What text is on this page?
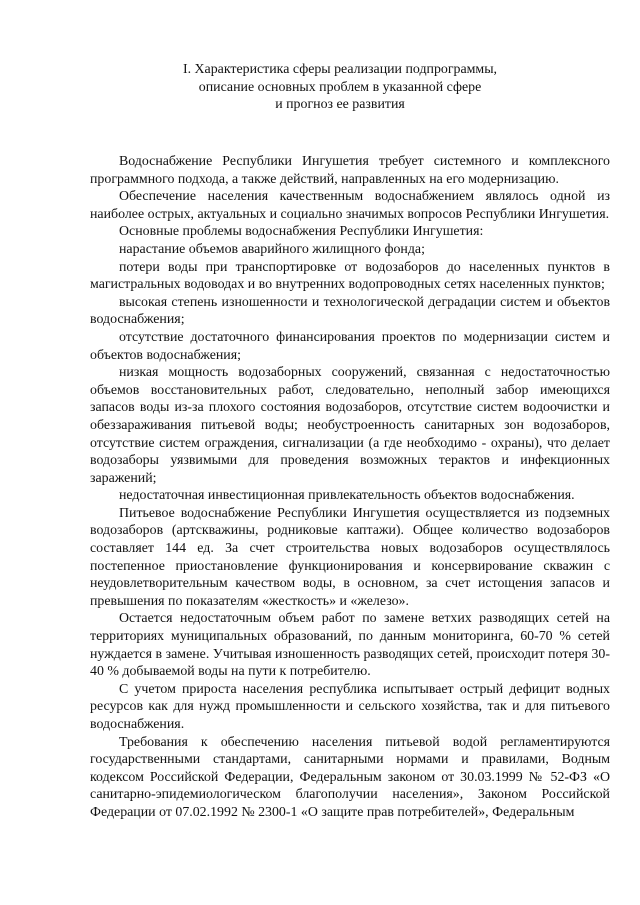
I. Характеристика сферы реализации подпрограммы,
описание основных проблем в указанной сфере
и прогноз ее развития

Водоснабжение Республики Ингушетия требует системного и комплексного программного подхода, а также действий, направленных на его модернизацию.

Обеспечение населения качественным водоснабжением являлось одной из наиболее острых, актуальных и социально значимых вопросов Республики Ингушетия.

Основные проблемы водоснабжения Республики Ингушетия:

нарастание объемов аварийного жилищного фонда;

потери воды при транспортировке от водозаборов до населенных пунктов в магистральных водоводах и во внутренних водопроводных сетях населенных пунктов;

высокая степень изношенности и технологической деградации систем и объектов водоснабжения;

отсутствие достаточного финансирования проектов по модернизации систем и объектов водоснабжения;

низкая мощность водозаборных сооружений, связанная с недостаточностью объемов восстановительных работ, следовательно, неполный забор имеющихся запасов воды из-за плохого состояния водозаборов, отсутствие систем водоочистки и обеззараживания питьевой воды; необустроенность санитарных зон водозаборов, отсутствие систем ограждения, сигнализации (а где необходимо - охраны), что делает водозаборы уязвимыми для проведения возможных терактов и инфекционных заражений;

недостаточная инвестиционная привлекательность объектов водоснабжения.

Питьевое водоснабжение Республики Ингушетия осуществляется из подземных водозаборов (артскважины, родниковые каптажи). Общее количество водозаборов составляет 144 ед. За счет строительства новых водозаборов осуществлялось постепенное приостановление функционирования и консервирование скважин с неудовлетворительным качеством воды, в основном, за счет истощения запасов и превышения по показателям «жесткость» и «железо».

Остается недостаточным объем работ по замене ветхих разводящих сетей на территориях муниципальных образований, по данным мониторинга, 60-70 % сетей нуждается в замене. Учитывая изношенность разводящих сетей, происходит потеря 30-40 % добываемой воды на пути к потребителю.

С учетом прироста населения республика испытывает острый дефицит водных ресурсов как для нужд промышленности и сельского хозяйства, так и для питьевого водоснабжения.

Требования к обеспечению населения питьевой водой регламентируются государственными стандартами, санитарными нормами и правилами, Водным кодексом Российской Федерации, Федеральным законом от 30.03.1999 № 52-ФЗ «О санитарно-эпидемиологическом благополучии населения», Законом Российской Федерации от 07.02.1992 № 2300-1 «О защите прав потребителей», Федеральным
